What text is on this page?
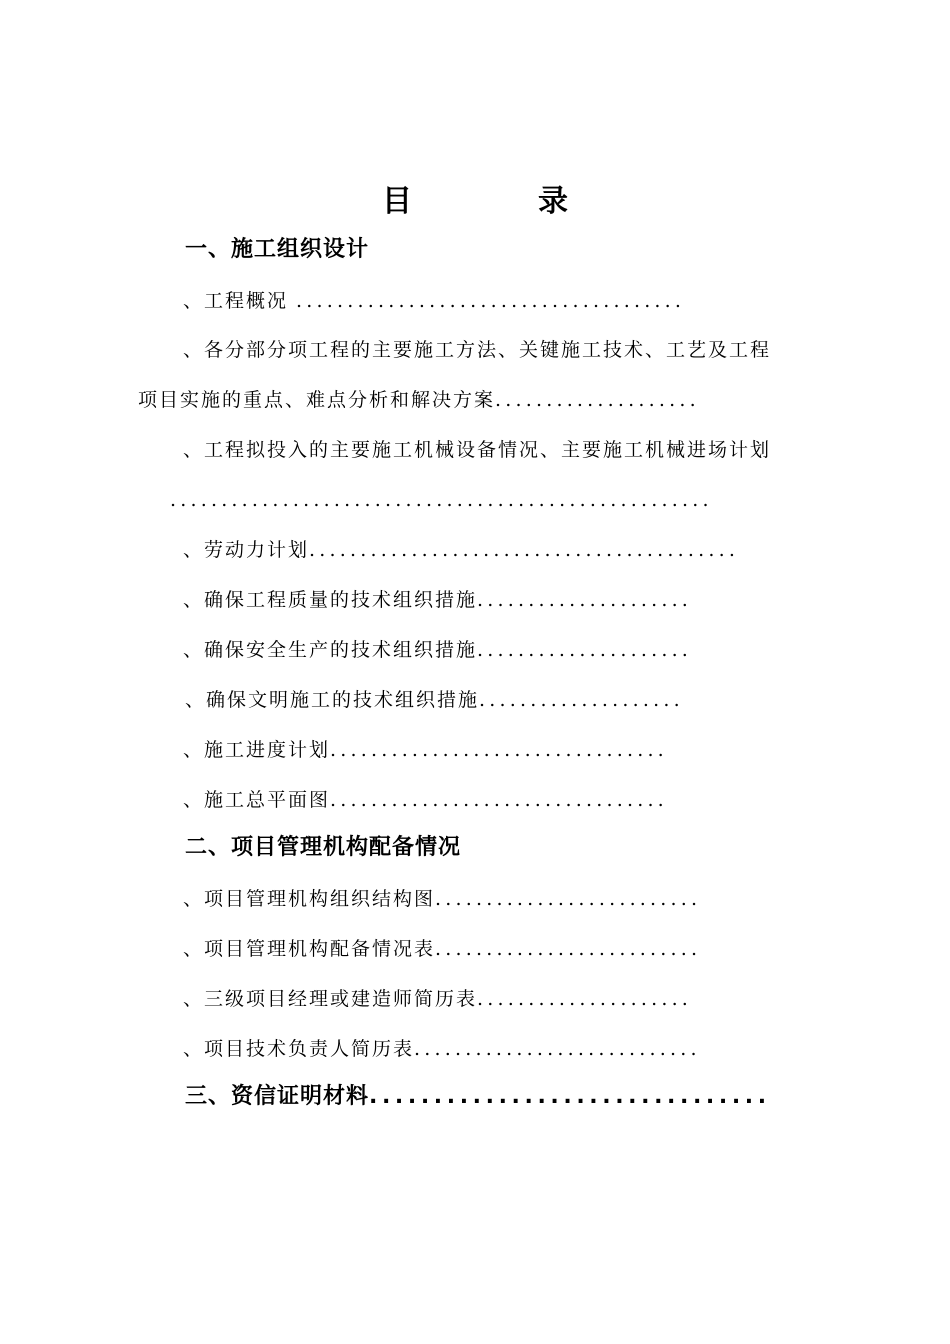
目　录
一、施工组织设计
、工程概况 ......................................
、各分部分项工程的主要施工方法、关键施工技术、工艺及工程
项目实施的重点、难点分析和解决方案....................
、工程拟投入的主要施工机械设备情况、主要施工机械进场计划
.....................................................
、劳动力计划..........................................
、确保工程质量的技术组织措施.....................
、确保安全生产的技术组织措施.....................
、确保文明施工的技术组织措施....................
、施工进度计划.................................
、施工总平面图.................................
二、项目管理机构配备情况
、项目管理机构组织结构图..........................
、项目管理机构配备情况表..........................
、三级项目经理或建造师简历表.....................
、项目技术负责人简历表............................
三、资信证明材料...............................
